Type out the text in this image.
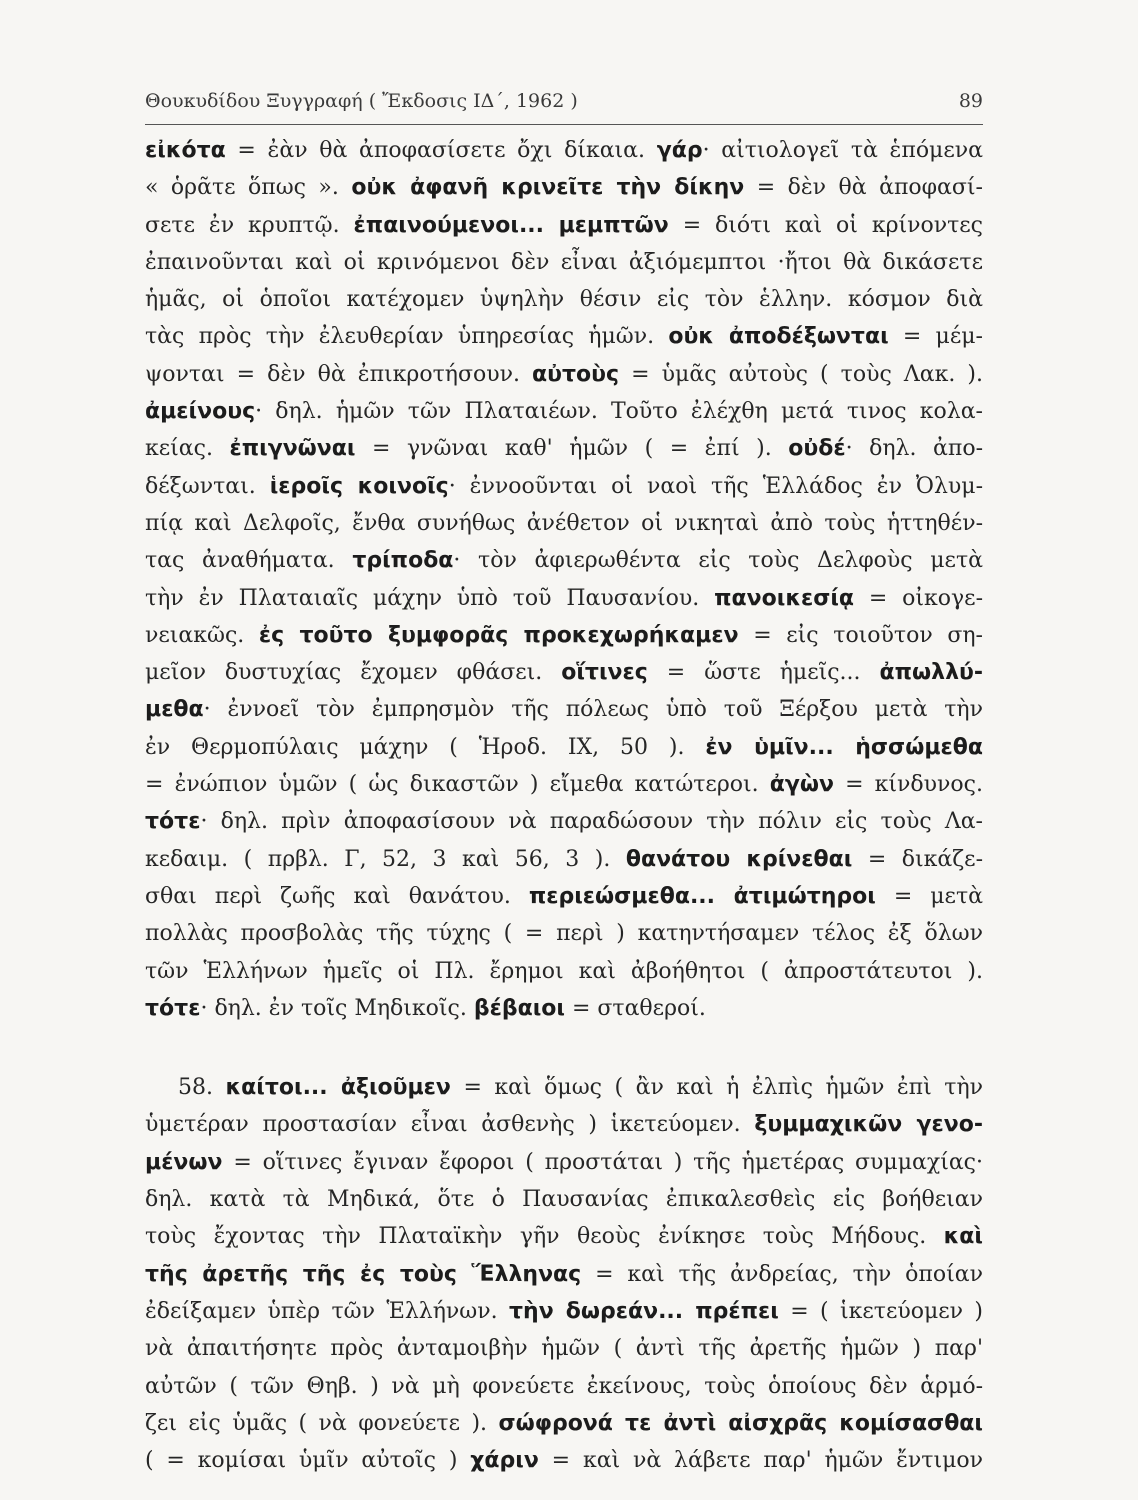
Θουκυδίδου Ξυγγραφή ( Ἔκδοσις ΙΔ΄, 1962 )	89
εἰκότα = ἐὰν θὰ ἀποφασίσετε ὄχι δίκαια. γάρ· αἰτιολογεῖ τὰ ἑπόμενα
« ὁρᾶτε ὅπως ». οὐκ ἀφανῆ κρινεῖτε τὴν δίκην = δὲν θὰ ἀποφασί-
σετε ἐν κρυπτῷ. ἐπαινούμενοι... μεμπτῶν = διότι καὶ οἱ κρίνοντες
ἐπαινοῦνται καὶ οἱ κρινόμενοι δὲν εἶναι ἀξιόμεμπτοι ·ἤτοι θὰ δικάσετε
ἡμᾶς, οἱ ὁποῖοι κατέχομεν ὑψηλὴν θέσιν εἰς τὸν ἑλλην. κόσμον διὰ
τὰς πρὸς τὴν ἐλευθερίαν ὑπηρεσίας ἡμῶν. οὐκ ἀποδέξωνται = μέμ-
ψονται = δὲν θὰ ἐπικροτήσουν. αὐτοὺς = ὑμᾶς αὐτοὺς ( τοὺς Λακ. ).
ἀμείνους· δηλ. ἡμῶν τῶν Πλαταιέων. Τοῦτο ἐλέχθη μετά τινος κολα-
κείας. ἐπιγνῶναι = γνῶναι καθ' ἡμῶν ( = ἐπί ). οὐδέ· δηλ. ἀπο-
δέξωνται. ἱεροῖς κοινοῖς· ἐννοοῦνται οἱ ναοὶ τῆς Ἑλλάδος ἐν Ὀλυμ-
πίᾳ καὶ Δελφοῖς, ἔνθα συνήθως ἀνέθετον οἱ νικηταὶ ἀπὸ τοὺς ἡττηθέν-
τας ἀναθήματα. τρίποδα· τὸν ἀφιερωθέντα εἰς τοὺς Δελφοὺς μετὰ
τὴν ἐν Πλαταιαῖς μάχην ὑπὸ τοῦ Παυσανίου. πανοικεσίᾳ = οἰκογε-
νειακῶς. ἐς τοῦτο ξυμφορᾶς προκεχωρήκαμεν = εἰς τοιοῦτον ση-
μεῖον δυστυχίας ἔχομεν φθάσει. οἵτινες = ὥστε ἡμεῖς... ἀπωλλύ-
μεθα· ἐννοεῖ τὸν ἐμπρησμὸν τῆς πόλεως ὑπὸ τοῦ Ξέρξου μετὰ τὴν
ἐν Θερμοπύλαις μάχην ( Ἡροδ. ΙΧ, 50 ). ἐν ὑμῖν... ἡσσώμεθα
= ἐνώπιον ὑμῶν ( ὡς δικαστῶν ) εἴμεθα κατώτεροι. ἀγὼν = κίνδυνος.
τότε· δηλ. πρὶν ἀποφασίσουν νὰ παραδώσουν τὴν πόλιν εἰς τοὺς Λα-
κεδαιμ. ( πρβλ. Γ, 52, 3 καὶ 56, 3 ). θανάτου κρίνεθαι = δικάζε-
σθαι περὶ ζωῆς καὶ θανάτου. περιεώσμεθα... ἀτιμώτηροι = μετὰ
πολλὰς προσβολὰς τῆς τύχης ( = περὶ ) κατηντήσαμεν τέλος ἐξ ὅλων
τῶν Ἑλλήνων ἡμεῖς οἱ Πλ. ἔρημοι καὶ ἀβοήθητοι ( ἀπροστάτευτοι ).
τότε· δηλ. ἐν τοῖς Μηδικοῖς. βέβαιοι = σταθεροί.
58. καίτοι... ἀξιοῦμεν = καὶ ὅμως ( ἂν καὶ ἡ ἐλπὶς ἡμῶν ἐπὶ τὴν
ὑμετέραν προστασίαν εἶναι ἀσθενὴς ) ἱκετεύομεν. ξυμμαχικῶν γενο-
μένων = οἵτινες ἔγιναν ἔφοροι ( προστάται ) τῆς ἡμετέρας συμμαχίας·
δηλ. κατὰ τὰ Μηδικά, ὅτε ὁ Παυσανίας ἐπικαλεσθεὶς εἰς βοήθειαν
τοὺς ἔχοντας τὴν Πλαταϊκὴν γῆν θεοὺς ἐνίκησε τοὺς Μήδους. καὶ
τῆς ἀρετῆς τῆς ἐς τοὺς Ἕλληνας = καὶ τῆς ἀνδρείας, τὴν ὁποίαν
ἐδείξαμεν ὑπὲρ τῶν Ἑλλήνων. τὴν δωρεάν... πρέπει = ( ἱκετεύομεν )
νὰ ἀπαιτήσητε πρὸς ἀνταμοιβὴν ἡμῶν ( ἀντὶ τῆς ἀρετῆς ἡμῶν ) παρ'
αὐτῶν ( τῶν Θηβ. ) νὰ μὴ φονεύετε ἐκείνους, τοὺς ὁποίους δὲν ἁρμό-
ζει εἰς ὑμᾶς ( νὰ φονεύετε ). σώφρονά τε ἀντὶ αἰσχρᾶς κομίσασθαι
( = κομίσαι ὑμῖν αὐτοῖς ) χάριν = καὶ νὰ λάβετε παρ' ἡμῶν ἔντιμον
